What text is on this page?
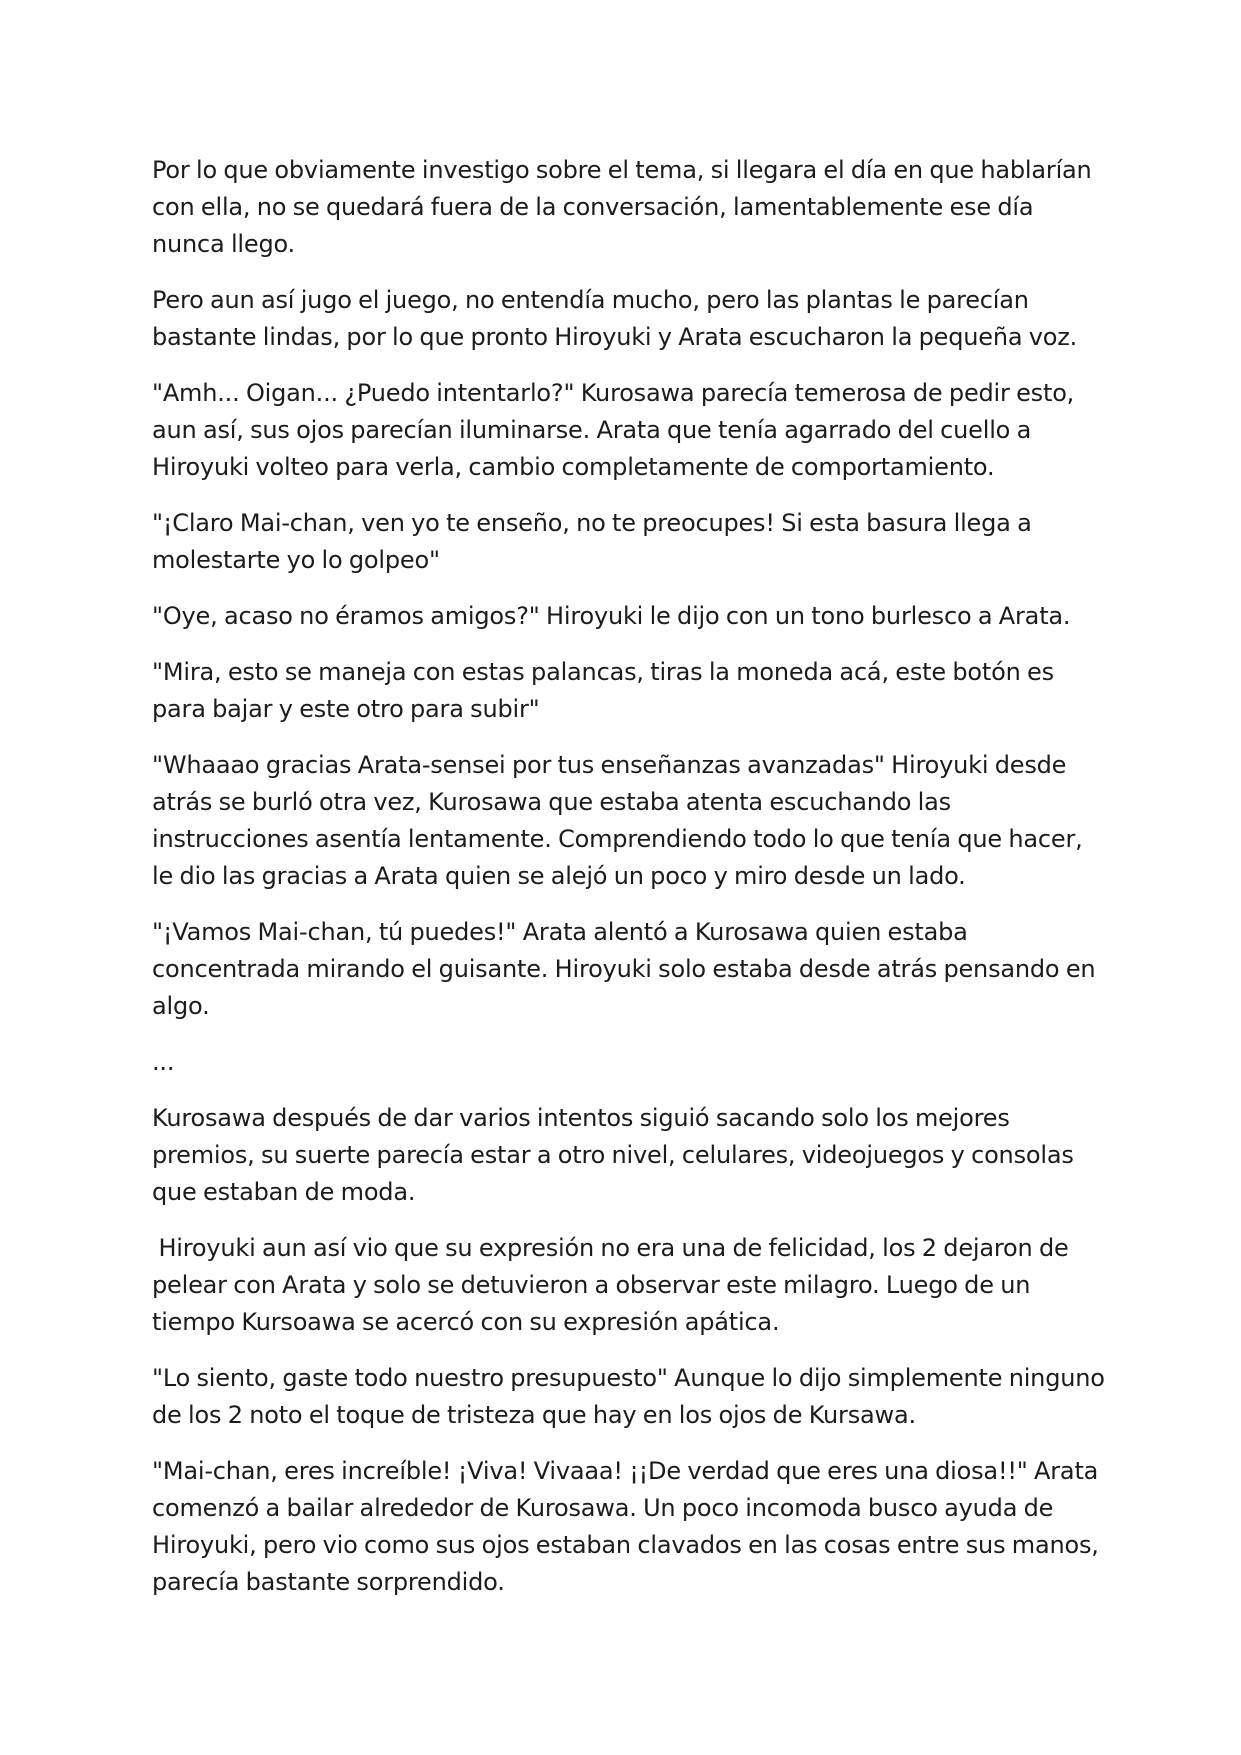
Por lo que obviamente investigo sobre el tema, si llegara el día en que hablarían con ella, no se quedará fuera de la conversación, lamentablemente ese día nunca llego.

Pero aun así jugo el juego, no entendía mucho, pero las plantas le parecían bastante lindas, por lo que pronto Hiroyuki y Arata escucharon la pequeña voz.

"Amh... Oigan... ¿Puedo intentarlo?" Kurosawa parecía temerosa de pedir esto, aun así, sus ojos parecían iluminarse. Arata que tenía agarrado del cuello a Hiroyuki volteo para verla, cambio completamente de comportamiento.

"¡Claro Mai-chan, ven yo te enseño, no te preocupes! Si esta basura llega a molestarte yo lo golpeo"

"Oye, acaso no éramos amigos?" Hiroyuki le dijo con un tono burlesco a Arata.

"Mira, esto se maneja con estas palancas, tiras la moneda acá, este botón es para bajar y este otro para subir"

"Whaaao gracias Arata-sensei por tus enseñanzas avanzadas" Hiroyuki desde atrás se burló otra vez, Kurosawa que estaba atenta escuchando las instrucciones asentía lentamente. Comprendiendo todo lo que tenía que hacer, le dio las gracias a Arata quien se alejó un poco y miro desde un lado.

"¡Vamos Mai-chan, tú puedes!" Arata alentó a Kurosawa quien estaba concentrada mirando el guisante. Hiroyuki solo estaba desde atrás pensando en algo.

...

Kurosawa después de dar varios intentos siguió sacando solo los mejores premios, su suerte parecía estar a otro nivel, celulares, videojuegos y consolas que estaban de moda.

Hiroyuki aun así vio que su expresión no era una de felicidad, los 2 dejaron de pelear con Arata y solo se detuvieron a observar este milagro. Luego de un tiempo Kursoawa se acercó con su expresión apática.

"Lo siento, gaste todo nuestro presupuesto" Aunque lo dijo simplemente ninguno de los 2 noto el toque de tristeza que hay en los ojos de Kursawa.

"Mai-chan, eres increíble! ¡Viva! Vivaaa! ¡¡De verdad que eres una diosa!!" Arata comenzó a bailar alrededor de Kurosawa. Un poco incomoda busco ayuda de Hiroyuki, pero vio como sus ojos estaban clavados en las cosas entre sus manos, parecía bastante sorprendido.
